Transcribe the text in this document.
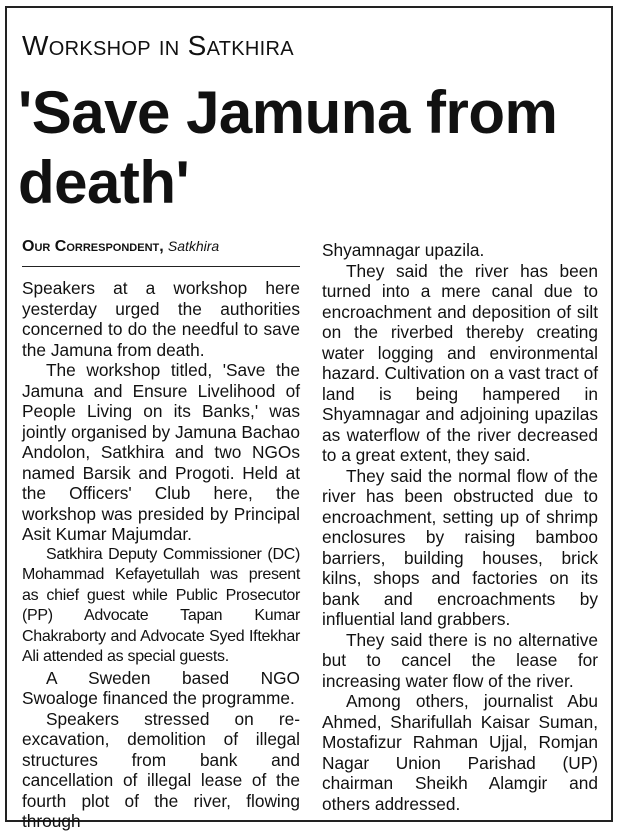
Workshop in Satkhira
'Save Jamuna from death'
Our Correspondent, Satkhira

Speakers at a workshop here yesterday urged the authorities concerned to do the needful to save the Jamuna from death.

The workshop titled, 'Save the Jamuna and Ensure Livelihood of People Living on its Banks,' was jointly organised by Jamuna Bachao Andolon, Satkhira and two NGOs named Barsik and Progoti. Held at the Officers' Club here, the workshop was presided by Principal Asit Kumar Majumdar.

Satkhira Deputy Commissioner (DC) Mohammad Kefayetullah was present as chief guest while Public Prosecutor (PP) Advocate Tapan Kumar Chakraborty and Advocate Syed Iftekhar Ali attended as special guests.

A Sweden based NGO Swoaloge financed the programme.

Speakers stressed on re-excavation, demolition of illegal structures from bank and cancellation of illegal lease of the fourth plot of the river, flowing through

Shyamnagar upazila.

They said the river has been turned into a mere canal due to encroachment and deposition of silt on the riverbed thereby creating water logging and environmental hazard. Cultivation on a vast tract of land is being hampered in Shyamnagar and adjoining upazilas as waterflow of the river decreased to a great extent, they said.

They said the normal flow of the river has been obstructed due to encroachment, setting up of shrimp enclosures by raising bamboo barriers, building houses, brick kilns, shops and factories on its bank and encroachments by influential land grabbers.

They said there is no alternative but to cancel the lease for increasing water flow of the river.

Among others, journalist Abu Ahmed, Sharifullah Kaisar Suman, Mostafizur Rahman Ujjal, Romjan Nagar Union Parishad (UP) chairman Sheikh Alamgir and others addressed.
